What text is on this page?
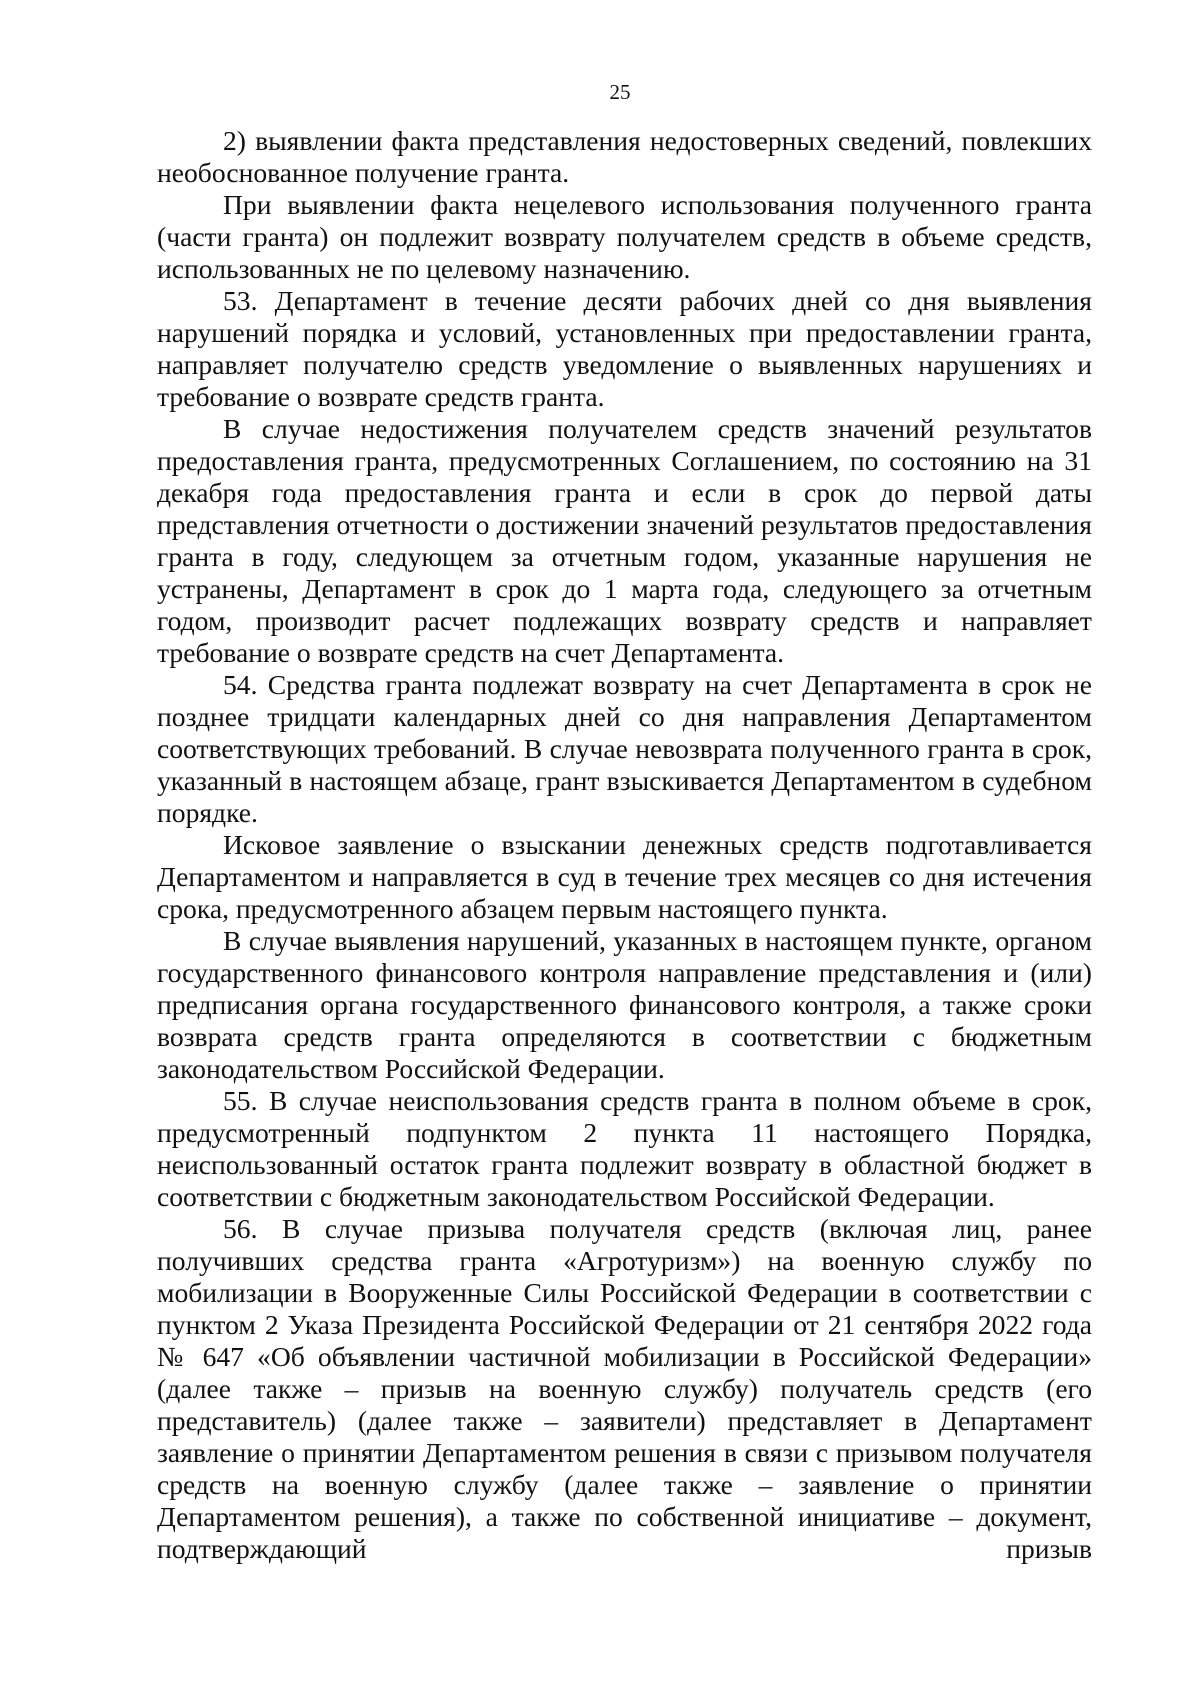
25

2) выявлении факта представления недостоверных сведений, повлекших необоснованное получение гранта.

При выявлении факта нецелевого использования полученного гранта (части гранта) он подлежит возврату получателем средств в объеме средств, использованных не по целевому назначению.

53. Департамент в течение десяти рабочих дней со дня выявления нарушений порядка и условий, установленных при предоставлении гранта, направляет получателю средств уведомление о выявленных нарушениях и требование о возврате средств гранта.

В случае недостижения получателем средств значений результатов предоставления гранта, предусмотренных Соглашением, по состоянию на 31 декабря года предоставления гранта и если в срок до первой даты представления отчетности о достижении значений результатов предоставления гранта в году, следующем за отчетным годом, указанные нарушения не устранены, Департамент в срок до 1 марта года, следующего за отчетным годом, производит расчет подлежащих возврату средств и направляет требование о возврате средств на счет Департамента.

54. Средства гранта подлежат возврату на счет Департамента в срок не позднее тридцати календарных дней со дня направления Департаментом соответствующих требований. В случае невозврата полученного гранта в срок, указанный в настоящем абзаце, грант взыскивается Департаментом в судебном порядке.

Исковое заявление о взыскании денежных средств подготавливается Департаментом и направляется в суд в течение трех месяцев со дня истечения срока, предусмотренного абзацем первым настоящего пункта.

В случае выявления нарушений, указанных в настоящем пункте, органом государственного финансового контроля направление представления и (или) предписания органа государственного финансового контроля, а также сроки возврата средств гранта определяются в соответствии с бюджетным законодательством Российской Федерации.

55. В случае неиспользования средств гранта в полном объеме в срок, предусмотренный подпунктом 2 пункта 11 настоящего Порядка, неиспользованный остаток гранта подлежит возврату в областной бюджет в соответствии с бюджетным законодательством Российской Федерации.

56. В случае призыва получателя средств (включая лиц, ранее получивших средства гранта «Агротуризм») на военную службу по мобилизации в Вооруженные Силы Российской Федерации в соответствии с пунктом 2 Указа Президента Российской Федерации от 21 сентября 2022 года № 647 «Об объявлении частичной мобилизации в Российской Федерации» (далее также – призыв на военную службу) получатель средств (его представитель) (далее также – заявители) представляет в Департамент заявление о принятии Департаментом решения в связи с призывом получателя средств на военную службу (далее также – заявление о принятии Департаментом решения), а также по собственной инициативе – документ, подтверждающий призыв
